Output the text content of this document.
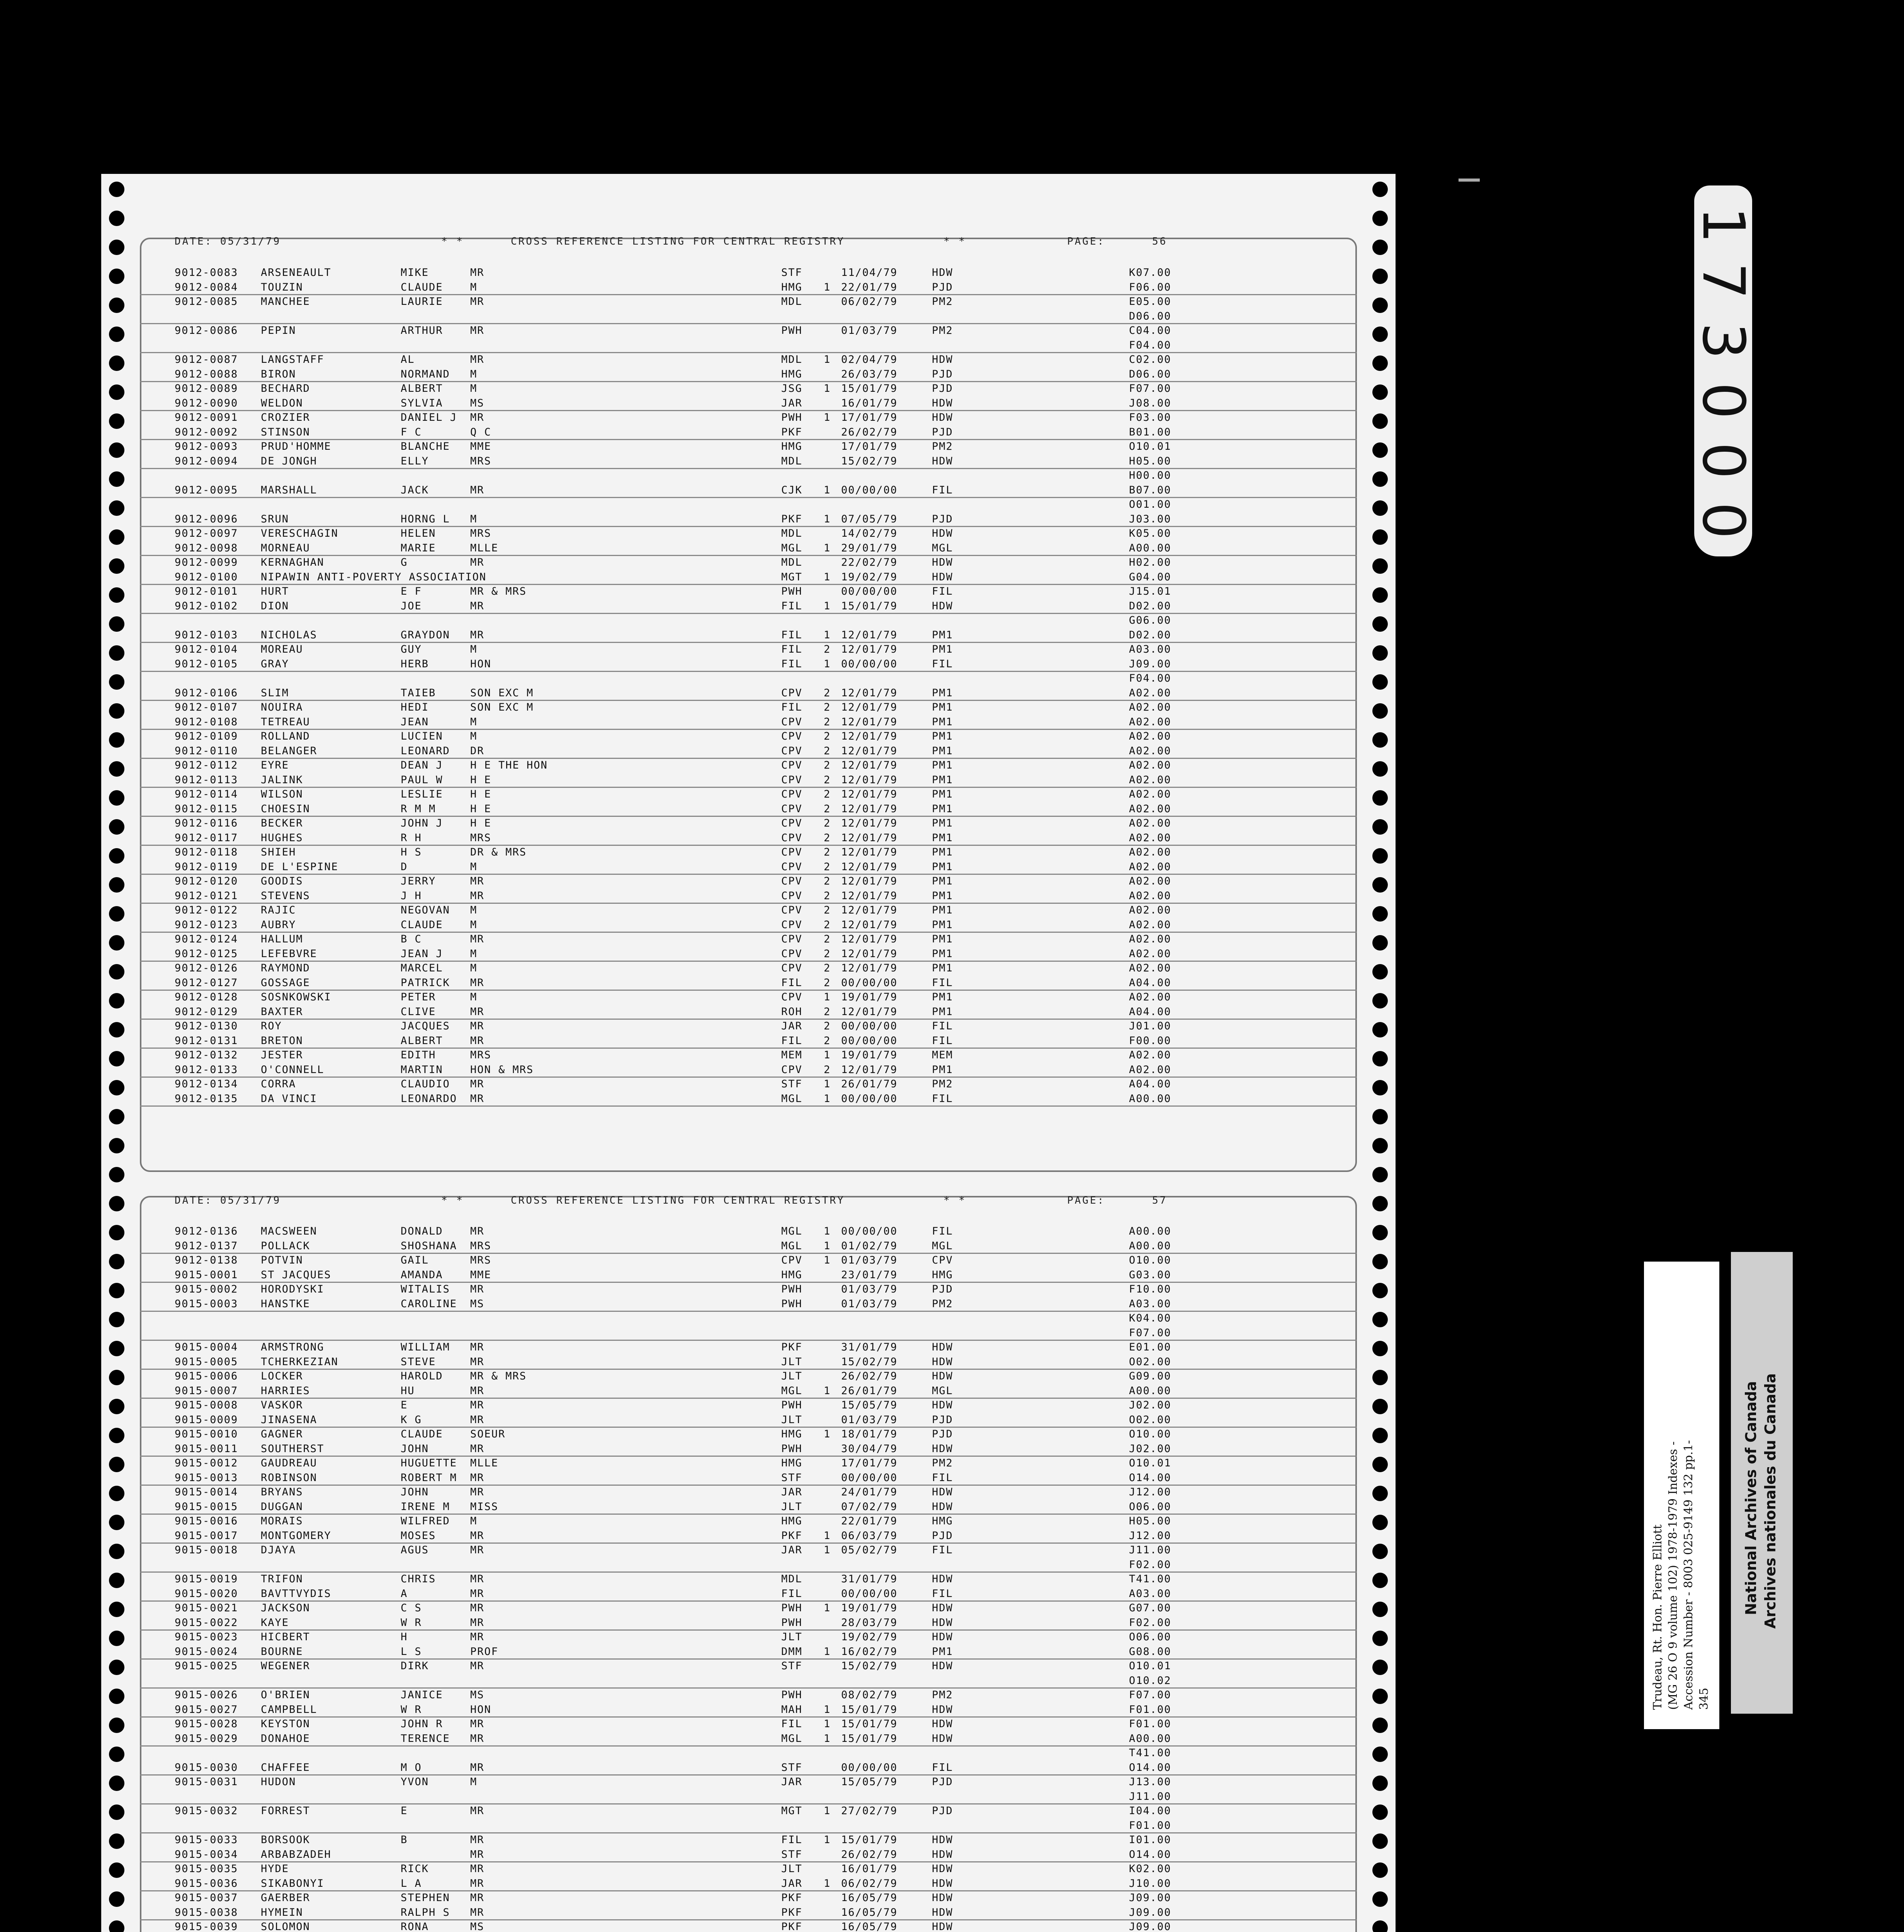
DATE: 05/31/79	* *	CROSS REFERENCE LISTING FOR CENTRAL REGISTRY	* *	PAGE:	56
9012-0083 ARSENEAULT	MIKE	MR	STF	11/04/79	HDW	K07.00
9012-0084 TOUZIN	CLAUDE	M	HMG 1 22/01/79	PJD	F06.00
9012-0085 MANCHEE	LAURIE	MR	MDL	06/02/79	PM2	E05.00
D06.00
9012-0086 PEPIN	ARTHUR	MR	PWH	01/03/79	PM2	C04.00
F04.00
9012-0087 LANGSTAFF	AL	MR	MDL 1 02/04/79	HDW	C02.00
9012-0088 BIRON	NORMAND M	HMG	26/03/79	PJD	D06.00
9012-0089 BECHARD	ALBERT	M	JSG 1 15/01/79	PJD	F07.00
9012-0090 WELDON	SYLVIA	MS	JAR	16/01/79	HDW	J08.00
9012-0091 CROZIER	DANIEL J MR	PWH 1 17/01/79	HDW	F03.00
9012-0092 STINSON	F C	Q C	PKF	26/02/79	PJD	B01.00
9012-0093 PRUD'HOMME	BLANCHE MME	HMG	17/01/79	PM2	O10.01
9012-0094 DE JONGH	ELLY	MRS	MDL	15/02/79	HDW	H05.00
H00.00
9012-0095 MARSHALL	JACK	MR	CJK 1 00/00/00	FIL	B07.00
O01.00
9012-0096 SRUN	HORNG L M	PKF 1 07/05/79	PJD	J03.00
9012-0097 VERESCHAGIN	HELEN	MRS	MDL	14/02/79	HDW	K05.00
9012-0098 MORNEAU	MARIE	MLLE	MGL 1 29/01/79	MGL	A00.00
9012-0099 KERNAGHAN	G	MR	MDL	22/02/79	HDW	H02.00
9012-0100 NIPAWIN ANTI-POVERTY ASSOCIATION	MGT 1 19/02/79	HDW	G04.00
9012-0101 HURT	E F	MR & MRS	PWH	00/00/00	FIL	J15.01
9012-0102 DION	JOE	MR	FIL 1 15/01/79	HDW	D02.00
G06.00
9012-0103 NICHOLAS	GRAYDON MR	FIL 1 12/01/79	PM1	D02.00
9012-0104 MOREAU	GUY	M	FIL 2 12/01/79	PM1	A03.00
9012-0105 GRAY	HERB	HON	FIL 1 00/00/00	FIL	J09.00
F04.00
9012-0106 SLIM	TAIEB	SON EXC M	CPV 2 12/01/79	PM1	A02.00
9012-0107 NOUIRA	HEDI	SON EXC M	FIL 2 12/01/79	PM1	A02.00
9012-0108 TETREAU	JEAN	M	CPV 2 12/01/79	PM1	A02.00
9012-0109 ROLLAND	LUCIEN	M	CPV 2 12/01/79	PM1	A02.00
9012-0110 BELANGER	LEONARD DR	CPV 2 12/01/79	PM1	A02.00
9012-0112 EYRE	DEAN J	H E THE HON	CPV 2 12/01/79	PM1	A02.00
9012-0113 JALINK	PAUL W	H E	CPV 2 12/01/79	PM1	A02.00
9012-0114 WILSON	LESLIE	H E	CPV 2 12/01/79	PM1	A02.00
9012-0115 CHOESIN	R M M	H E	CPV 2 12/01/79	PM1	A02.00
9012-0116 BECKER	JOHN J	H E	CPV 2 12/01/79	PM1	A02.00
9012-0117 HUGHES	R H	MRS	CPV 2 12/01/79	PM1	A02.00
9012-0118 SHIEH	H S	DR & MRS	CPV 2 12/01/79	PM1	A02.00
9012-0119 DE L'ESPINE	D	M	CPV 2 12/01/79	PM1	A02.00
9012-0120 GOODIS	JERRY	MR	CPV 2 12/01/79	PM1	A02.00
9012-0121 STEVENS	J H	MR	CPV 2 12/01/79	PM1	A02.00
9012-0122 RAJIC	NEGOVAN M	CPV 2 12/01/79	PM1	A02.00
9012-0123 AUBRY	CLAUDE	M	CPV 2 12/01/79	PM1	A02.00
9012-0124 HALLUM	B C	MR	CPV 2 12/01/79	PM1	A02.00
9012-0125 LEFEBVRE	JEAN J	M	CPV 2 12/01/79	PM1	A02.00
9012-0126 RAYMOND	MARCEL	M	CPV 2 12/01/79	PM1	A02.00
9012-0127 GOSSAGE	PATRICK MR	FIL 2 00/00/00	FIL	A04.00
9012-0128 SOSNKOWSKI	PETER	M	CPV 1 19/01/79	PM1	A02.00
9012-0129 BAXTER	CLIVE	MR	ROH 2 12/01/79	PM1	A04.00
9012-0130 ROY	JACQUES MR	JAR 2 00/00/00	FIL	J01.00
9012-0131 BRETON	ALBERT	MR	FIL 2 00/00/00	FIL	F00.00
9012-0132 JESTER	EDITH	MRS	MEM 1 19/01/79	MEM	A02.00
9012-0133 O'CONNELL	MARTIN	HON & MRS	CPV 2 12/01/79	PM1	A02.00
9012-0134 CORRA	CLAUDIO MR	STF 1 26/01/79	PM2	A04.00
9012-0135 DA VINCI	LEONARDO MR	MGL 1 00/00/00	FIL	A00.00
DATE: 05/31/79	* *	CROSS REFERENCE LISTING FOR CENTRAL REGISTRY	* *	PAGE:	57
9012-0136 MACSWEEN	DONALD	MR	MGL 1 00/00/00	FIL	A00.00
9012-0137 POLLACK	SHOSHANA MRS	MGL 1 01/02/79	MGL	A00.00
9012-0138 POTVIN	GAIL	MRS	CPV 1 01/03/79	CPV	O10.00
9015-0001 ST JACQUES	AMANDA	MME	HMG	23/01/79	HMG	G03.00
9015-0002 HORODYSKI	WITALIS MR	PWH	01/03/79	PJD	F10.00
9015-0003 HANSTKE	CAROLINE MS	PWH	01/03/79	PM2	A03.00
K04.00
F07.00
9015-0004 ARMSTRONG	WILLIAM MR	PKF	31/01/79	HDW	E01.00
9015-0005 TCHERKEZIAN	STEVE	MR	JLT	15/02/79	HDW	O02.00
9015-0006 LOCKER	HAROLD	MR & MRS	JLT	26/02/79	HDW	G09.00
9015-0007 HARRIES	HU	MR	MGL 1 26/01/79	MGL	A00.00
9015-0008 VASKOR	E	MR	PWH	15/05/79	HDW	J02.00
9015-0009 JINASENA	K G	MR	JLT	01/03/79	PJD	O02.00
9015-0010 GAGNER	CLAUDE	SOEUR	HMG 1 18/01/79	PJD	O10.00
9015-0011 SOUTHERST	JOHN	MR	PWH	30/04/79	HDW	J02.00
9015-0012 GAUDREAU	HUGUETTE MLLE	HMG	17/01/79	PM2	O10.01
9015-0013 ROBINSON	ROBERT M MR	STF	00/00/00	FIL	O14.00
9015-0014 BRYANS	JOHN	MR	JAR	24/01/79	HDW	J12.00
9015-0015 DUGGAN	IRENE M MISS	JLT	07/02/79	HDW	O06.00
9015-0016 MORAIS	WILFRED M	HMG	22/01/79	HMG	H05.00
9015-0017 MONTGOMERY	MOSES	MR	PKF 1 06/03/79	PJD	J12.00
9015-0018 DJAYA	AGUS	MR	JAR 1 05/02/79	FIL	J11.00
F02.00
9015-0019 TRIFON	CHRIS	MR	MDL	31/01/79	HDW	T41.00
9015-0020 BAVTTVYDIS	A	MR	FIL	00/00/00	FIL	A03.00
9015-0021 JACKSON	C S	MR	PWH 1 19/01/79	HDW	G07.00
9015-0022 KAYE	W R	MR	PWH	28/03/79	HDW	F02.00
9015-0023 HICBERT	H	MR	JLT	19/02/79	HDW	O06.00
9015-0024 BOURNE	L S	PROF	DMM 1 16/02/79	PM1	G08.00
9015-0025 WEGENER	DIRK	MR	STF	15/02/79	HDW	O10.01
O10.02
9015-0026 O'BRIEN	JANICE	MS	PWH	08/02/79	PM2	F07.00
9015-0027 CAMPBELL	W R	HON	MAH 1 15/01/79	HDW	F01.00
9015-0028 KEYSTON	JOHN R	MR	FIL 1 15/01/79	HDW	F01.00
9015-0029 DONAHOE	TERENCE MR	MGL 1 15/01/79	HDW	A00.00
T41.00
9015-0030 CHAFFEE	M O	MR	STF	00/00/00	FIL	O14.00
9015-0031 HUDON	YVON	M	JAR	15/05/79	PJD	J13.00
J11.00
9015-0032 FORREST	E	MR	MGT 1 27/02/79	PJD	I04.00
F01.00
9015-0033 BORSOOK	B	MR	FIL 1 15/01/79	HDW	I01.00
9015-0034 ARBABZADEH	MR	STF	26/02/79	HDW	O14.00
9015-0035 HYDE	RICK	MR	JLT	16/01/79	HDW	K02.00
9015-0036 SIKABONYI	L A	MR	JAR 1 06/02/79	HDW	J10.00
9015-0037 GAERBER	STEPHEN MR	PKF	16/05/79	HDW	J09.00
9015-0038 HYMEIN	RALPH S MR	PKF	16/05/79	HDW	J09.00
9015-0039 SOLOMON	RONA	MS	PKF	16/05/79	HDW	J09.00
0
0
0
3
7
1
Trudeau, Rt. Hon. Pierre Elliott (MG 26 O 9 volume 102) 1978-1979 Indexes - Accession Number - 8003 025-9149 132 pp.1- 345
National Archives of Canada Archives nationales du Canada
